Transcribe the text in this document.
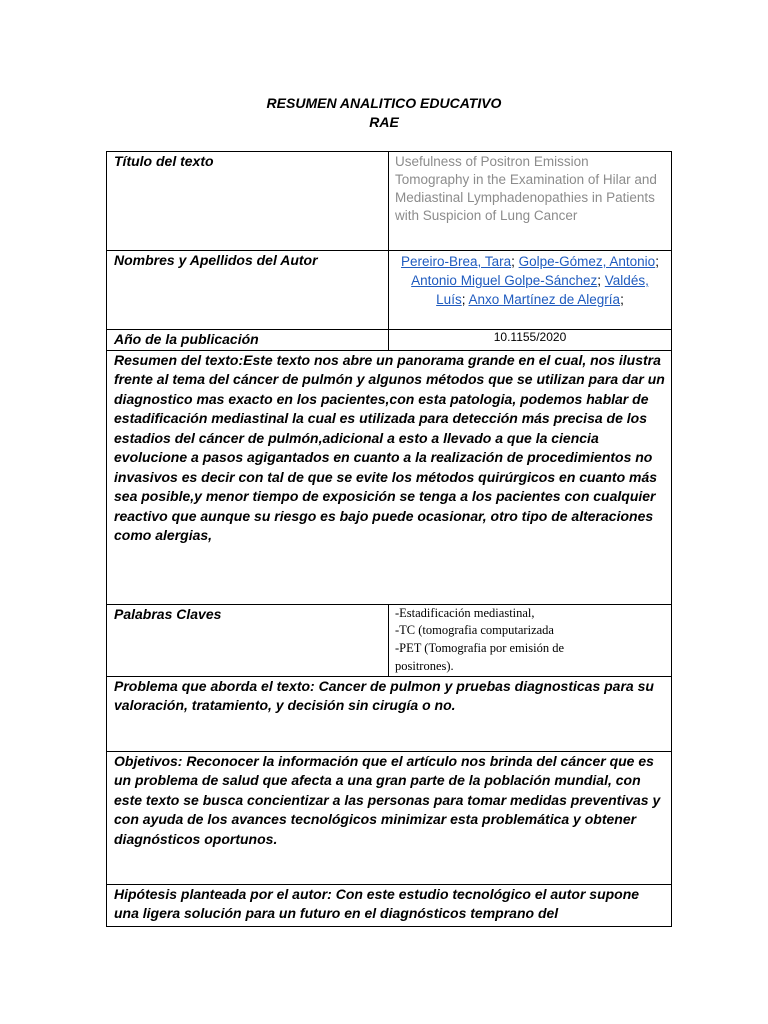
RESUMEN ANALITICO EDUCATIVO
RAE
Título del texto	Usefulness of Positron Emission Tomography in the Examination of Hilar and Mediastinal Lymphadenopathies in Patients with Suspicion of Lung Cancer
Nombres y Apellidos del Autor	Pereiro-Brea, Tara; Golpe-Gómez, Antonio; Antonio Miguel Golpe-Sánchez; Valdés, Luís; Anxo Martínez de Alegría;
Año de la publicación	10.1155/2020
Resumen del texto:Este texto nos abre un panorama grande en el cual, nos ilustra frente al tema del cáncer de pulmón y algunos métodos que se utilizan para dar un diagnostico mas exacto en los pacientes,con esta patologia, podemos hablar de estadificación mediastinal la cual es utilizada para detección más precisa de los estadios del cáncer de pulmón,adicional a esto a llevado a que la ciencia evolucione a pasos agigantados en cuanto a la realización de procedimientos no invasivos es decir con tal de que se evite los métodos quirúrgicos en cuanto más sea posible,y menor tiempo de exposición se tenga a los pacientes con cualquier reactivo que aunque su riesgo es bajo puede ocasionar, otro tipo de alteraciones como alergias,	
Palabras Claves	-Estadificación mediastinal,
-TC (tomografia computarizada
-PET (Tomografia por emisión de
positrones).

Problema que aborda el texto: Cancer de pulmon y pruebas diagnosticas para su valoración, tratamiento, y decisión sin cirugía o no.	
Objetivos: Reconocer la información que el artículo nos brinda del cáncer que es un problema de salud que afecta a una gran parte de la población mundial, con este texto se busca concientizar a las personas para tomar medidas preventivas y con ayuda de los avances tecnológicos minimizar esta problemática y obtener diagnósticos oportunos.	
Hipótesis planteada por el autor: Con este estudio tecnológico el autor supone una ligera solución para un futuro en el diagnósticos temprano del	
